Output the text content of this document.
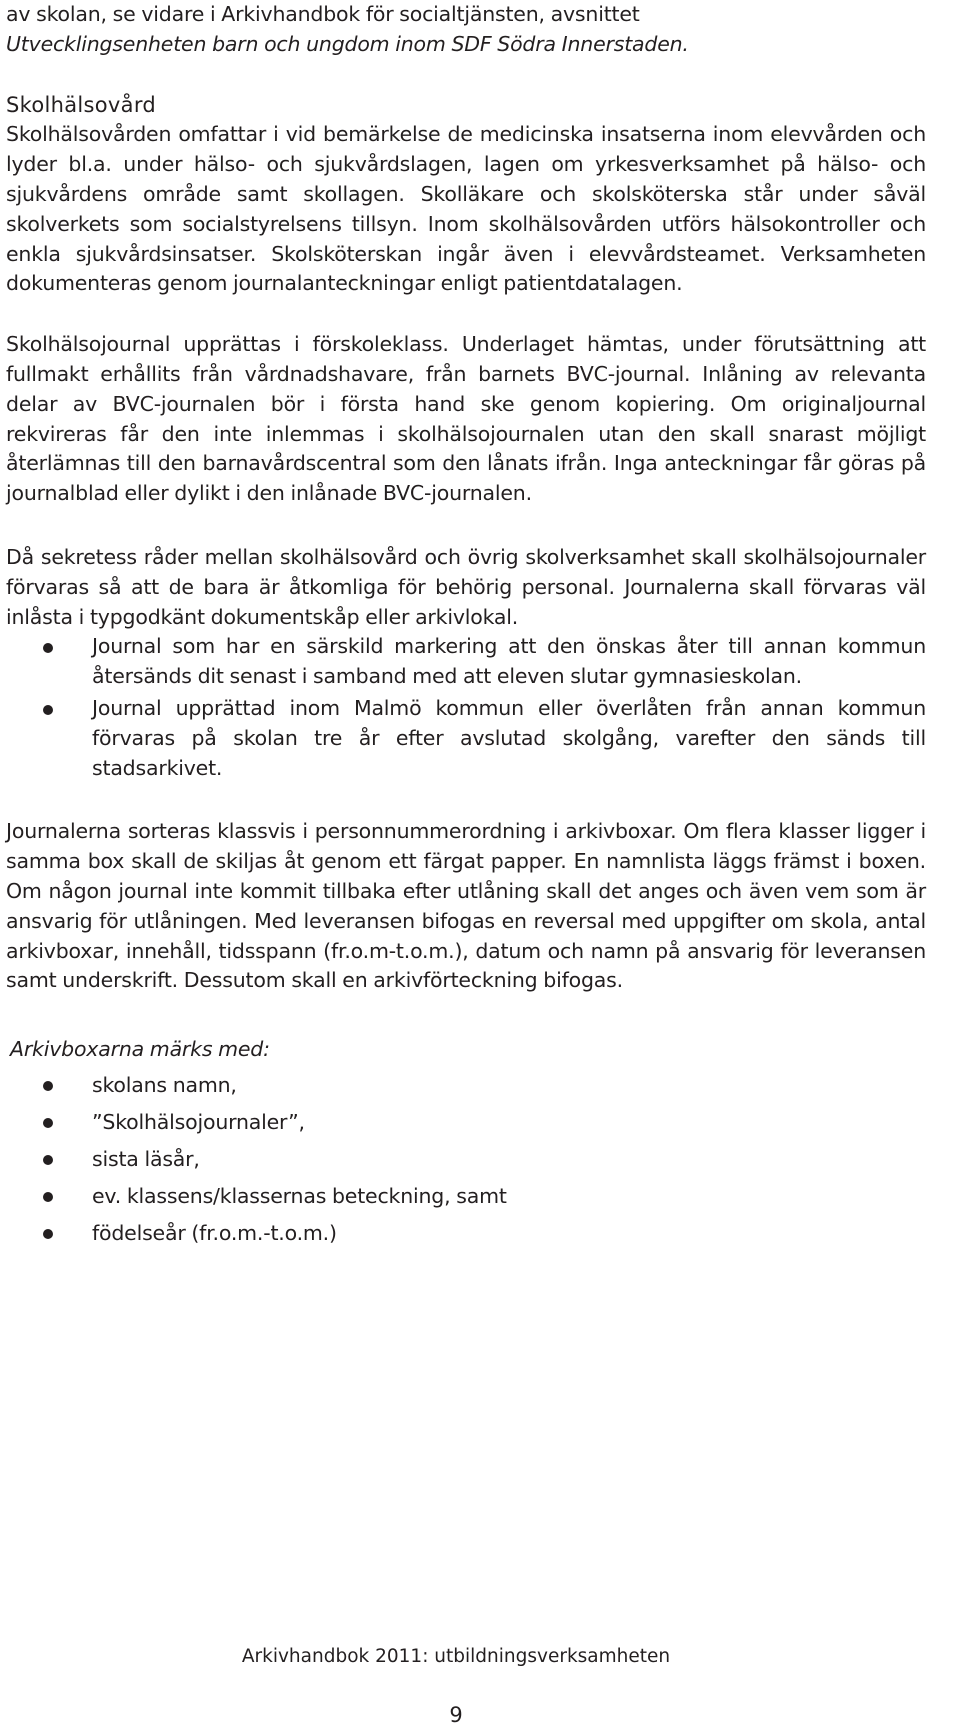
av skolan, se vidare i Arkivhandbok för socialtjänsten, avsnittet

Utvecklingsenheten barn och ungdom inom SDF Södra Innerstaden.

Skolhälsovård

Skolhälsovården omfattar i vid bemärkelse de medicinska insatserna inom elevvården och lyder bl.a. under hälso- och sjukvårdslagen, lagen om yrkesverksamhet på hälso- och sjukvårdens område samt skollagen. Skolläkare och skolsköterska står under såväl skolverkets som socialstyrelsens tillsyn. Inom skolhälsovården utförs hälsokontroller och enkla sjukvårdsinsatser. Skolsköterskan ingår även i elevvårdsteamet. Verksamheten dokumenteras genom journalanteckningar enligt patientdatalagen.

Skolhälsojournal upprättas i förskoleklass. Underlaget hämtas, under förutsättning att fullmakt erhållits från vårdnadshavare, från barnets BVC-journal. Inlåning av relevanta delar av BVC-journalen bör i första hand ske genom kopiering. Om originaljournal rekvireras får den inte inlemmas i skolhälsojournalen utan den skall snarast möjligt återlämnas till den barnavårdscentral som den lånats ifrån. Inga anteckningar får göras på journalblad eller dylikt i den inlånade BVC-journalen.

Då sekretess råder mellan skolhälsovård och övrig skolverksamhet skall skolhälsojournaler förvaras så att de bara är åtkomliga för behörig personal. Journalerna skall förvaras väl inlåsta i typgodkänt dokumentskåp eller arkivlokal.

Journal som har en särskild markering att den önskas åter till annan kommun återsänds dit senast i samband med att eleven slutar gymnasieskolan.

Journal upprättad inom Malmö kommun eller överlåten från annan kommun förvaras på skolan tre år efter avslutad skolgång, varefter den sänds till stadsarkivet.

Journalerna sorteras klassvis i personnummerordning i arkivboxar. Om flera klasser ligger i samma box skall de skiljas åt genom ett färgat papper. En namnlista läggs främst i boxen. Om någon journal inte kommit tillbaka efter utlåning skall det anges och även vem som är ansvarig för utlåningen. Med leveransen bifogas en reversal med uppgifter om skola, antal arkivboxar, innehåll, tidsspann (fr.o.m-t.o.m.), datum och namn på ansvarig för leveransen samt underskrift. Dessutom skall en arkivförteckning bifogas.

Arkivboxarna märks med:

skolans namn,

”Skolhälsojournaler”,

sista läsår,

ev. klassens/klassernas beteckning, samt

födelseår (fr.o.m.-t.o.m.)

Arkivhandbok 2011: utbildningsverksamheten
9
